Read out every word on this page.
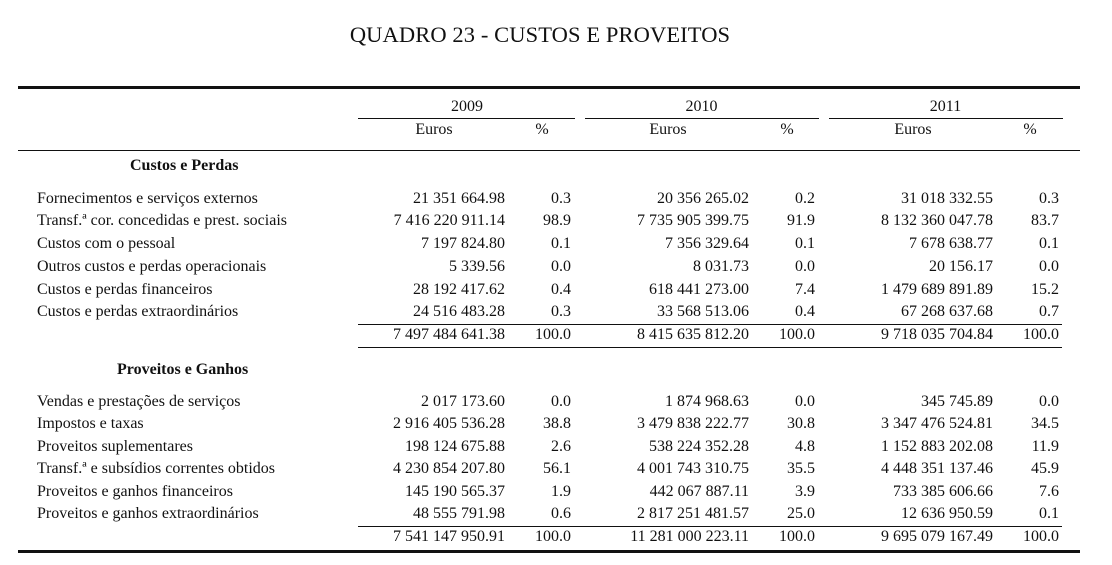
QUADRO 23 - CUSTOS E PROVEITOS
2009	2010	2011
Euros	%	Euros	%	Euros	%
Custos e Perdas
Fornecimentos e serviços externos	21 351 664.98	0.3	20 356 265.02	0.2	31 018 332.55	0.3
Transf.ª cor. concedidas e prest. sociais	7 416 220 911.14 98.9	7 735 905 399.75 91.9	8 132 360 047.78 83.7
Custos com o pessoal	7 197 824.80	0.1	7 356 329.64	0.1	7 678 638.77	0.1
Outros custos e perdas operacionais	5 339.56	0.0	8 031.73	0.0	20 156.17	0.0
Custos e perdas financeiros	28 192 417.62	0.4	618 441 273.00	7.4	1 479 689 891.89 15.2
Custos e perdas extraordinários	24 516 483.28	0.3	33 568 513.06	0.4	67 268 637.68	0.7
7 497 484 641.38 100.0	8 415 635 812.20 100.0	9 718 035 704.84 100.0
Proveitos e Ganhos
Vendas e prestações de serviços	2 017 173.60	0.0	1 874 968.63	0.0	345 745.89	0.0
Impostos e taxas	2 916 405 536.28 38.8	3 479 838 222.77 30.8	3 347 476 524.81 34.5
Proveitos suplementares	198 124 675.88	2.6	538 224 352.28	4.8	1 152 883 202.08 11.9
Transf.ª e subsídios correntes obtidos	4 230 854 207.80 56.1	4 001 743 310.75 35.5	4 448 351 137.46 45.9
Proveitos e ganhos financeiros	145 190 565.37	1.9	442 067 887.11	3.9	733 385 606.66	7.6
Proveitos e ganhos extraordinários	48 555 791.98	0.6	2 817 251 481.57 25.0	12 636 950.59	0.1
7 541 147 950.91 100.0	11 281 000 223.11 100.0	9 695 079 167.49 100.0
